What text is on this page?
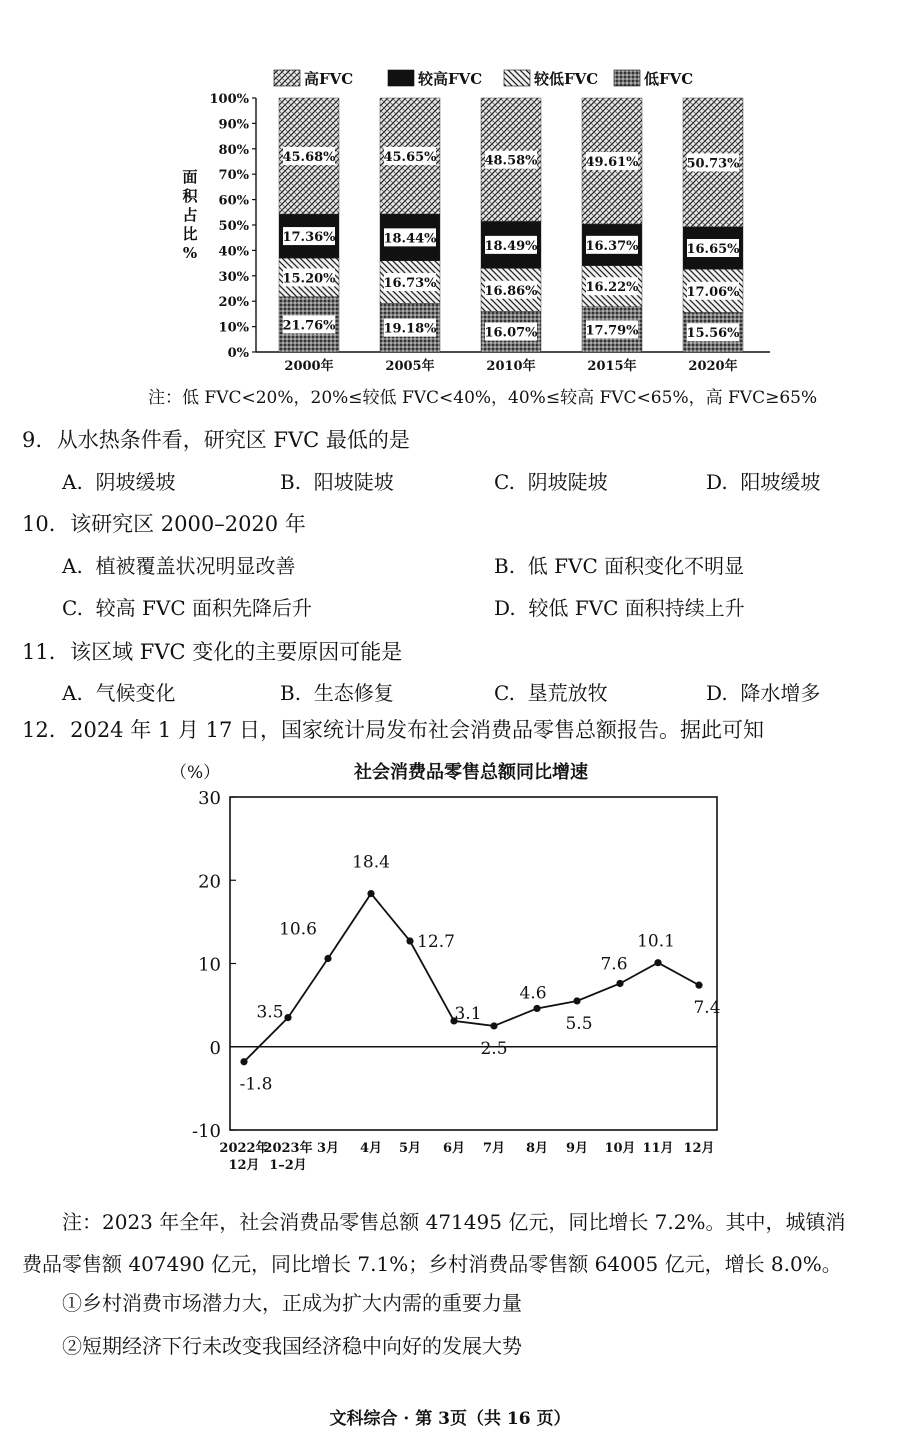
高FVC	较高FVC	较低FVC	低FVC
面
积
占
比
%
0%
10%
20%
30%
40%
50%
60%
70%
80%
90%
100%
21.76%
15.20%
17.36%
45.68%
19.18%
16.73%
18.44%
45.65%
16.07%
16.86%
18.49%
48.58%
17.79%
16.22%
16.37%
49.61%
15.56%
17.06%
16.65%
50.73%
2000年	2005年	2010年	2015年	2020年
注：低 FVC<20%，20%≤较低 FVC<40%，40%≤较高 FVC<65%，高 FVC≥65%
9. 从水热条件看，研究区 FVC 最低的是
A. 阴坡缓坡	B. 阳坡陡坡	C. 阴坡陡坡	D. 阳坡缓坡
10. 该研究区 2000–2020 年
A. 植被覆盖状况明显改善	B. 低 FVC 面积变化不明显
C. 较高 FVC 面积先降后升	D. 较低 FVC 面积持续上升
11. 该区域 FVC 变化的主要原因可能是
A. 气候变化	B. 生态修复	C. 垦荒放牧	D. 降水增多
12. 2024 年 1 月 17 日，国家统计局发布社会消费品零售总额报告。据此可知
（%）	社会消费品零售总额同比增速
30
20
10
0
-10
2022年
12月
2023年
1–2月
3月 4月 5月 6月 7月 8月 9月 10月 11月 12月
-1.8
3.5
10.6
18.4
12.7
3.1
2.5
4.6
5.5
7.6
10.1
7.4
注：2023 年全年，社会消费品零售总额 471495 亿元，同比增长 7.2%。其中，城镇消
费品零售额 407490 亿元，同比增长 7.1%；乡村消费品零售额 64005 亿元，增长 8.0%。
①乡村消费市场潜力大，正成为扩大内需的重要力量
②短期经济下行未改变我国经济稳中向好的发展大势
文科综合 · 第 3页（共 16 页）
